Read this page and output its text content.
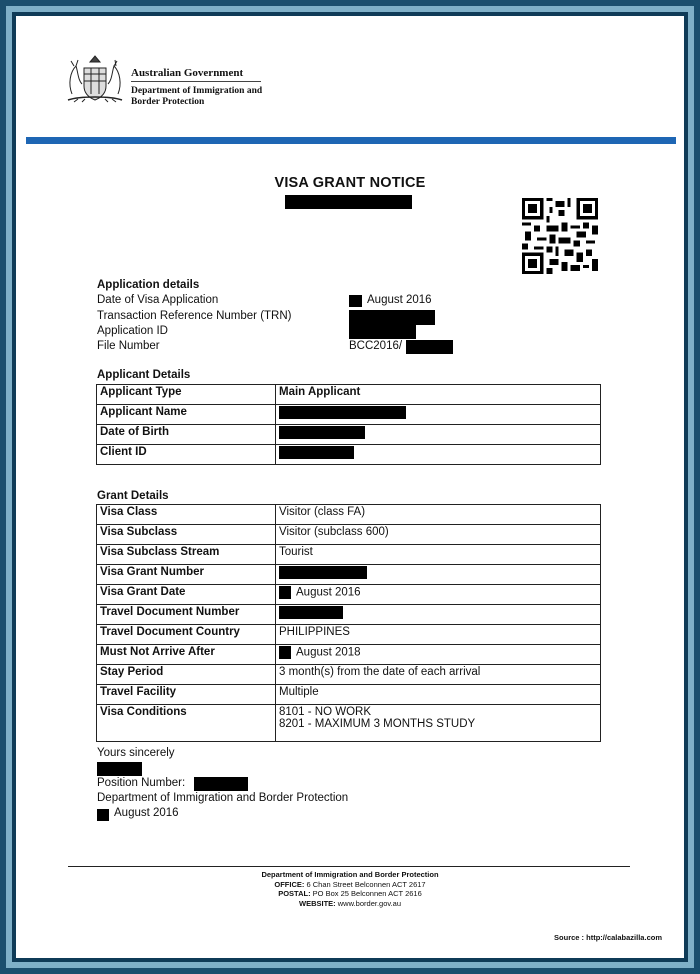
Australian Government
Department of Immigration and Border Protection
VISA GRANT NOTICE
Application details
Date of Visa Application	August 2016
Transaction Reference Number (TRN)
Application ID
File Number	BCC2016/
Applicant Details
Applicant Type	Main Applicant
Applicant Name	
Date of Birth	
Client ID	
Grant Details
Visa Class	Visitor (class FA)
Visa Subclass	Visitor (subclass 600)
Visa Subclass Stream	Tourist
Visa Grant Number	
Visa Grant Date	August 2016
Travel Document Number	
Travel Document Country	PHILIPPINES
Must Not Arrive After	August 2018
Stay Period	3 month(s) from the date of each arrival
Travel Facility	Multiple
Visa Conditions	8101 - NO WORK
8201 - MAXIMUM 3 MONTHS STUDY
Yours sincerely
Position Number:
Department of Immigration and Border Protection
August 2016
Department of Immigration and Border Protection
OFFICE: 6 Chan Street Belconnen ACT 2617
POSTAL: PO Box 25 Belconnen ACT 2616
WEBSITE: www.border.gov.au
Source : http://calabazilla.com
